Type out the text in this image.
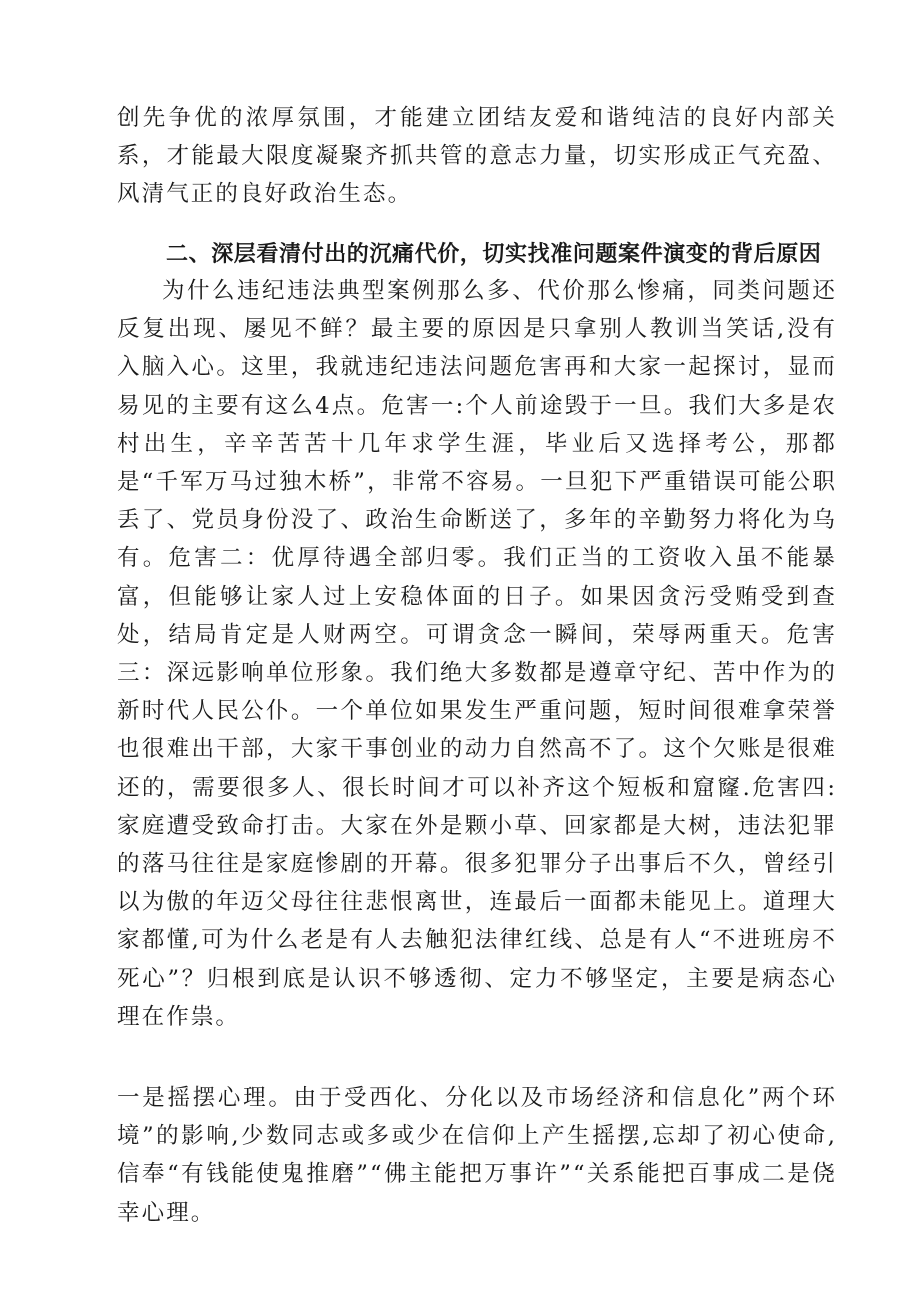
创先争优的浓厚氛围，才能建立团结友爱和谐纯洁的良好内部关系，才能最大限度凝聚齐抓共管的意志力量，切实形成正气充盈、风清气正的良好政治生态。

二、深层看清付出的沉痛代价，切实找准问题案件演变的背后原因

为什么违纪违法典型案例那么多、代价那么惨痛，同类问题还反复出现、屡见不鲜？最主要的原因是只拿别人教训当笑话,没有入脑入心。这里，我就违纪违法问题危害再和大家一起探讨，显而易见的主要有这么4点。危害一:个人前途毁于一旦。我们大多是农村出生，辛辛苦苦十几年求学生涯，毕业后又选择考公，那都是“千军万马过独木桥”，非常不容易。一旦犯下严重错误可能公职丢了、党员身份没了、政治生命断送了，多年的辛勤努力将化为乌有。危害二：优厚待遇全部归零。我们正当的工资收入虽不能暴富，但能够让家人过上安稳体面的日子。如果因贪污受贿受到查处，结局肯定是人财两空。可谓贪念一瞬间，荣辱两重天。危害三：深远影响单位形象。我们绝大多数都是遵章守纪、苦中作为的新时代人民公仆。一个单位如果发生严重问题，短时间很难拿荣誉也很难出干部，大家干事创业的动力自然高不了。这个欠账是很难还的，需要很多人、很长时间才可以补齐这个短板和窟窿.危害四:家庭遭受致命打击。大家在外是颗小草、回家都是大树，违法犯罪的落马往往是家庭惨剧的开幕。很多犯罪分子出事后不久，曾经引以为傲的年迈父母往往悲恨离世，连最后一面都未能见上。道理大家都懂,可为什么老是有人去触犯法律红线、总是有人“不进班房不死心”？归根到底是认识不够透彻、定力不够坚定，主要是病态心理在作祟。

一是摇摆心理。由于受西化、分化以及市场经济和信息化”两个环境”的影响,少数同志或多或少在信仰上产生摇摆,忘却了初心使命,信奉“有钱能使鬼推磨”“佛主能把万事许”“关系能把百事成二是侥幸心理。
